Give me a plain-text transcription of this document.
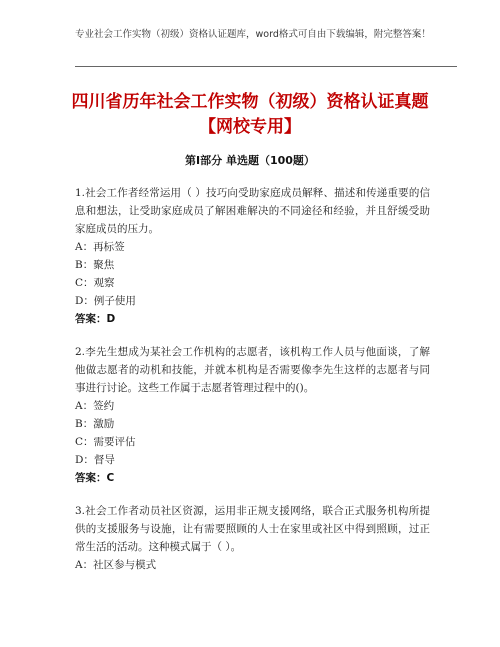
专业社会工作实物（初级）资格认证题库，word格式可自由下载编辑，附完整答案！
四川省历年社会工作实物（初级）资格认证真题【网校专用】
第Ⅰ部分 单选题（100题）
1.社会工作者经常运用（ ）技巧向受助家庭成员解释、描述和传递重要的信息和想法，让受助家庭成员了解困难解决的不同途径和经验，并且舒缓受助家庭成员的压力。
A：再标签
B：聚焦
C：观察
D：例子使用
答案：D
2.李先生想成为某社会工作机构的志愿者，该机构工作人员与他面谈，了解他做志愿者的动机和技能，并就本机构是否需要像李先生这样的志愿者与同事进行讨论。这些工作属于志愿者管理过程中的()。
A：签约
B：激励
C：需要评估
D：督导
答案：C
3.社会工作者动员社区资源，运用非正规支援网络，联合正式服务机构所提供的支援服务与设施，让有需要照顾的人士在家里或社区中得到照顾，过正常生活的活动。这种模式属于（ ）。
A：社区参与模式
